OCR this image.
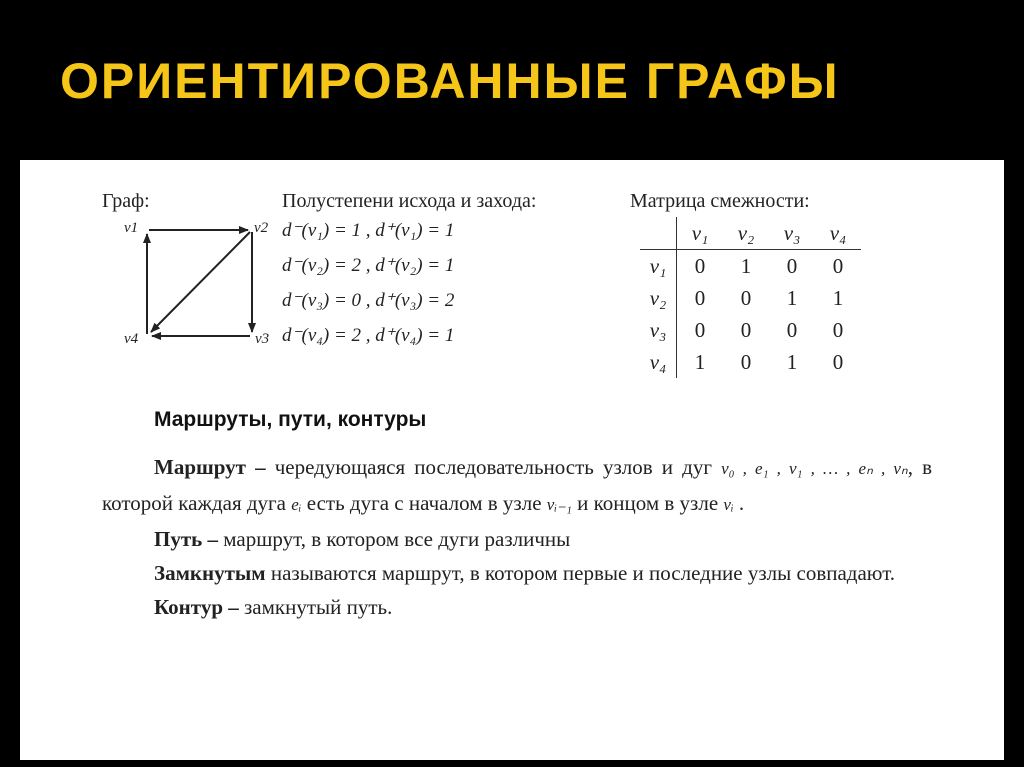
ОРИЕНТИРОВАННЫЕ ГРАФЫ
Граф:
v1	v2
v3
v4
Полустепени исхода и захода:
d⁻(v₁) = 1 , d⁺(v₁) = 1
d⁻(v₂) = 2 , d⁺(v₂) = 1
d⁻(v₃) = 0 , d⁺(v₃) = 2
d⁻(v₄) = 2 , d⁺(v₄) = 1
Матрица смежности:
	v₁	v₂	v₃	v₄
v₁	0	1	0	0
v₂	0	0	1	1
v₃	0	0	0	0
v₄	1	0	1	0
Маршруты, пути, контуры

Маршрут – чередующаяся последовательность узлов и дуг v₀ , e₁ , v₁ , … , eₙ , vₙ, в которой каждая дуга eᵢ есть дуга с началом в узле vᵢ₋₁ и концом в узле vᵢ .

Путь – маршрут, в котором все дуги различны

Замкнутым называются маршрут, в котором первые и последние узлы совпадают.

Контур – замкнутый путь.
